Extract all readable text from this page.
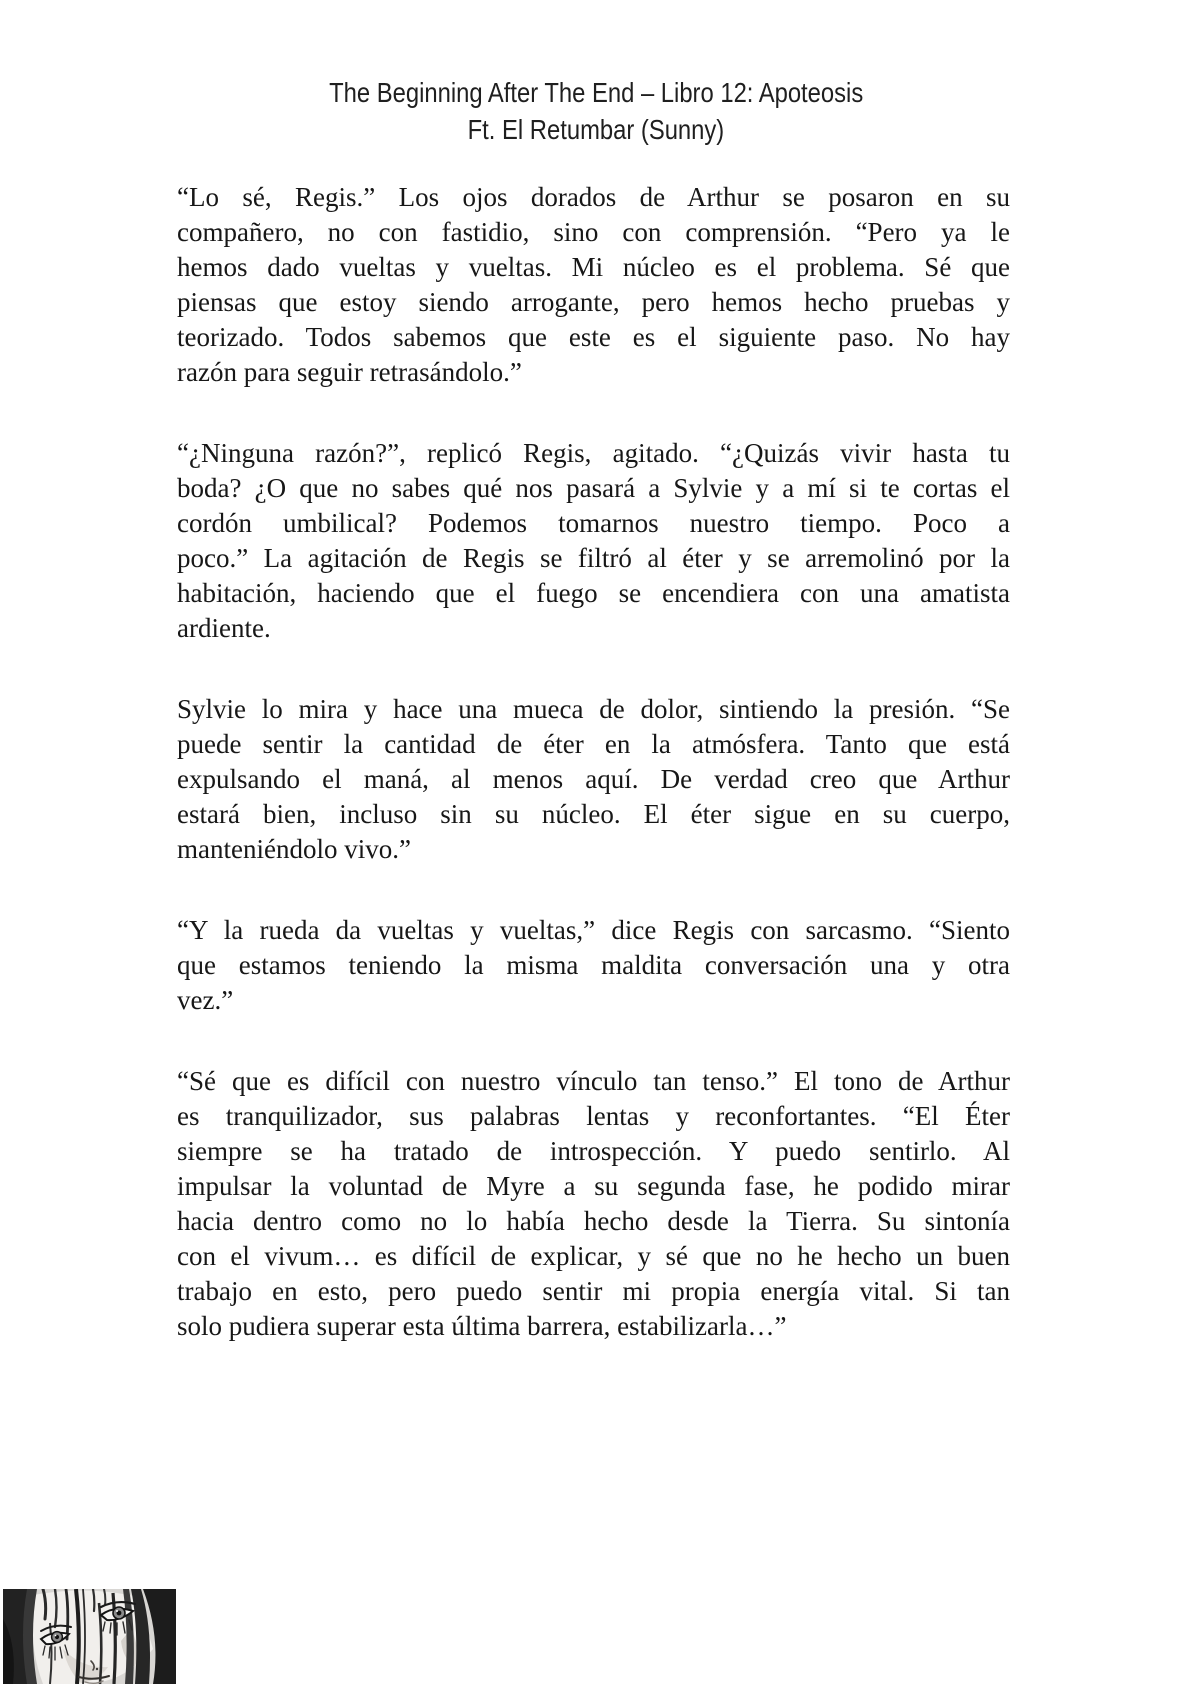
The Beginning After The End – Libro 12: Apoteosis
Ft. El Retumbar (Sunny)

“Lo sé, Regis.” Los ojos dorados de Arthur se posaron en su
compañero, no con fastidio, sino con comprensión. “Pero ya le
hemos dado vueltas y vueltas. Mi núcleo es el problema. Sé que
piensas que estoy siendo arrogante, pero hemos hecho pruebas y
teorizado. Todos sabemos que este es el siguiente paso. No hay
razón para seguir retrasándolo.”

“¿Ninguna razón?”, replicó Regis, agitado. “¿Quizás vivir hasta tu
boda? ¿O que no sabes qué nos pasará a Sylvie y a mí si te cortas el
cordón umbilical? Podemos tomarnos nuestro tiempo. Poco a
poco.” La agitación de Regis se filtró al éter y se arremolinó por la
habitación, haciendo que el fuego se encendiera con una amatista
ardiente.

Sylvie lo mira y hace una mueca de dolor, sintiendo la presión. “Se
puede sentir la cantidad de éter en la atmósfera. Tanto que está
expulsando el maná, al menos aquí. De verdad creo que Arthur
estará bien, incluso sin su núcleo. El éter sigue en su cuerpo,
manteniéndolo vivo.”

“Y la rueda da vueltas y vueltas,” dice Regis con sarcasmo. “Siento
que estamos teniendo la misma maldita conversación una y otra
vez.”

“Sé que es difícil con nuestro vínculo tan tenso.” El tono de Arthur
es tranquilizador, sus palabras lentas y reconfortantes. “El Éter
siempre se ha tratado de introspección. Y puedo sentirlo. Al
impulsar la voluntad de Myre a su segunda fase, he podido mirar
hacia dentro como no lo había hecho desde la Tierra. Su sintonía
con el vivum… es difícil de explicar, y sé que no he hecho un buen
trabajo en esto, pero puedo sentir mi propia energía vital. Si tan
solo pudiera superar esta última barrera, estabilizarla…”
